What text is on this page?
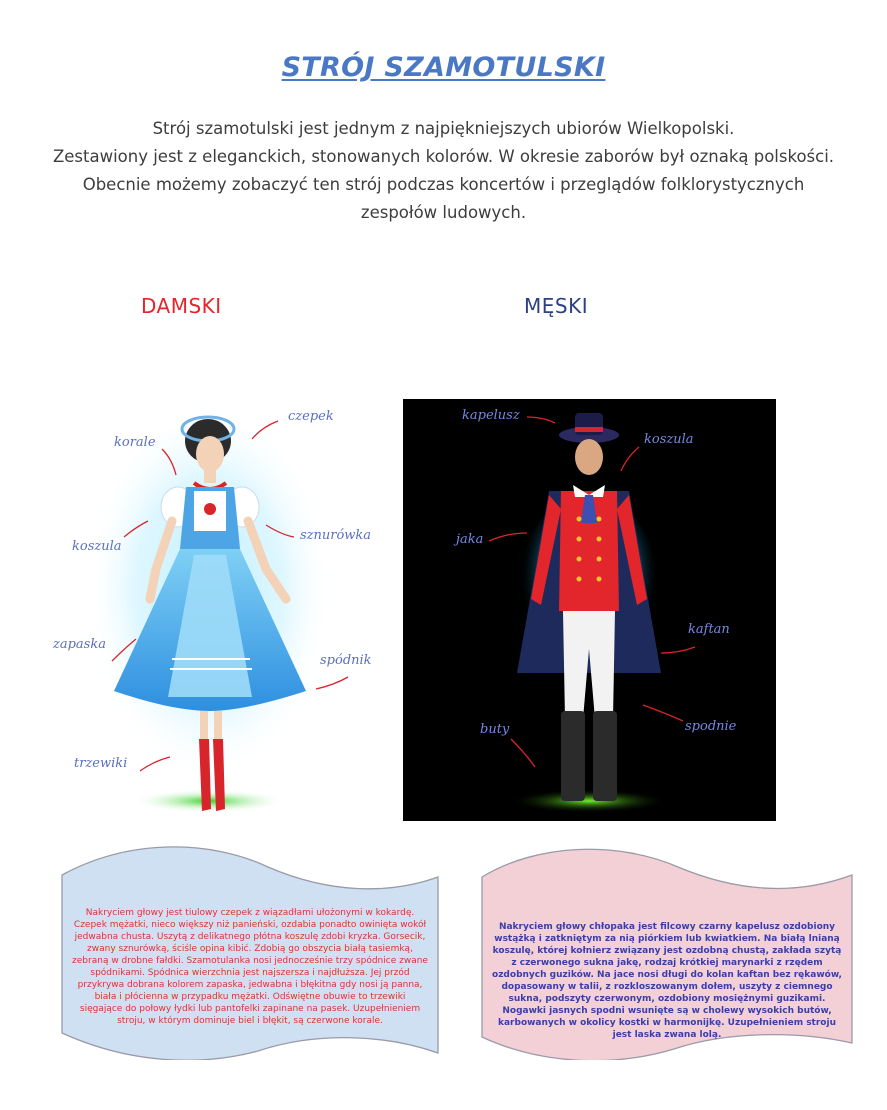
STRÓJ SZAMOTULSKI

Strój szamotulski jest jednym z najpiękniejszych ubiorów Wielkopolski.
Zestawiony jest z eleganckich, stonowanych kolorów. W okresie zaborów był oznaką polskości.
Obecnie możemy zobaczyć ten strój podczas koncertów i przeglądów folklorystycznych
zespołów ludowych.

DAMSKI	MĘSKI
czepek
korale
koszula
sznurówka
zapaska
spódnik
trzewiki
kapelusz
koszula
jaka
kaftan
spodnie
buty

Nakryciem głowy jest tiulowy czepek z wiązadłami ułożonymi w kokardę. Czepek mężatki, nieco większy niż panieński, ozdabia ponadto owinięta wokół jedwabna chusta. Uszytą z delikatnego płótna koszulę zdobi kryzka. Gorsecik, zwany sznurówką, ściśle opina kibić. Zdobią go obszycia białą tasiemką, zebraną w drobne fałdki. Szamotulanka nosi jednocześnie trzy spódnice zwane spódnikami. Spódnica wierzchnia jest najszersza i najdłuższa. Jej przód przykrywa dobrana kolorem zapaska, jedwabna i błękitna gdy nosi ją panna, biała i płócienna w przypadku mężatki. Odświętne obuwie to trzewiki sięgające do połowy łydki lub pantofelki zapinane na pasek. Uzupełnieniem stroju, w którym dominuje biel i błękit, są czerwone korale.

Nakryciem głowy chłopaka jest filcowy czarny kapelusz ozdobiony wstążką i zatkniętym za nią piórkiem lub kwiatkiem. Na białą lnianą koszulę, której kołnierz związany jest ozdobną chustą, zakłada szytą z czerwonego sukna jakę, rodzaj krótkiej marynarki z rzędem ozdobnych guzików. Na jace nosi długi do kolan kaftan bez rękawów, dopasowany w talii, z rozkloszowanym dołem, uszyty z ciemnego sukna, podszyty czerwonym, ozdobiony mosiężnymi guzikami. Nogawki jasnych spodni wsunięte są w cholewy wysokich butów, karbowanych w okolicy kostki w harmonijkę. Uzupełnieniem stroju jest laska zwana lolą.
